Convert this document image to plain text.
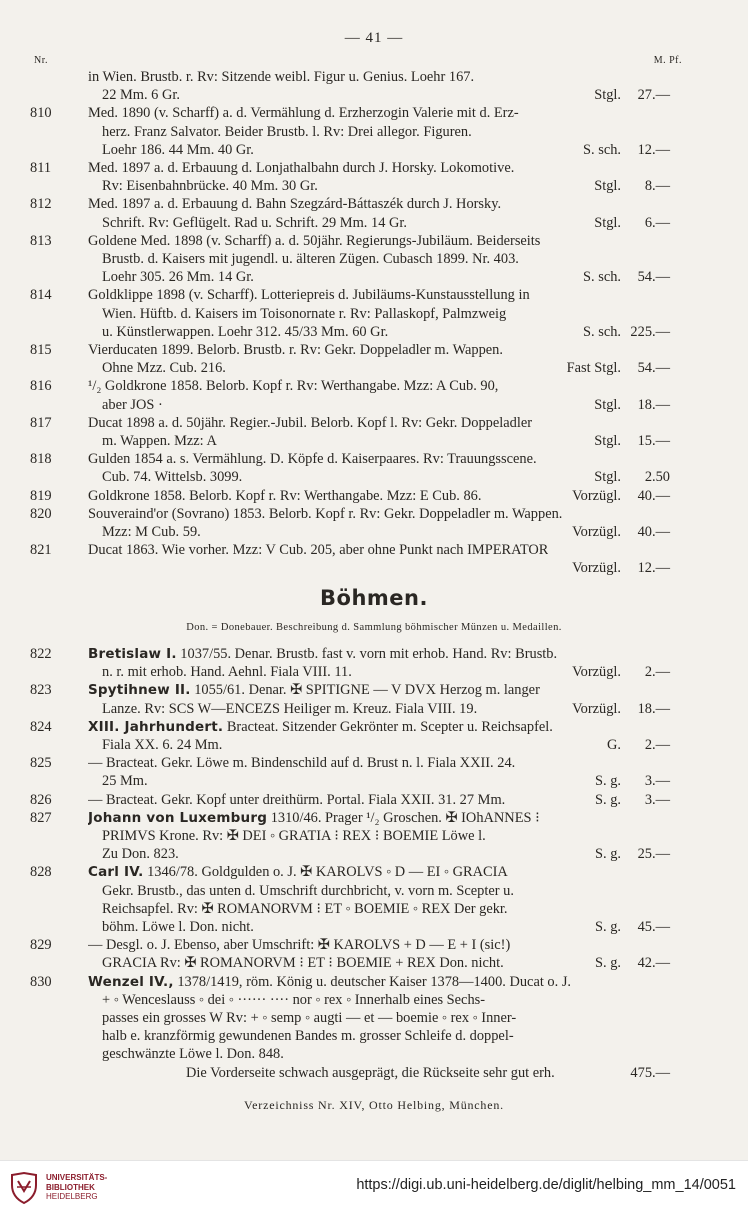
— 41 —
Nr.	M. Pf.
in Wien. Brustb. r. Rv: Sitzende weibl. Figur u. Genius. Loehr 167.
22 Mm. 6 Gr.	Stgl. 27.—
810	Med. 1890 (v. Scharff) a. d. Vermählung d. Erzherzogin Valerie mit d. Erz-
herz. Franz Salvator. Beider Brustb. l. Rv: Drei allegor. Figuren.
Loehr 186. 44 Mm. 40 Gr.	S. sch. 12.—
811	Med. 1897 a. d. Erbauung d. Lonjathalbahn durch J. Horsky. Lokomotive.
Rv: Eisenbahnbrücke. 40 Mm. 30 Gr.	Stgl. 8.—
812	Med. 1897 a. d. Erbauung d. Bahn Szegzárd-Báttaszék durch J. Horsky.
Schrift. Rv: Geflügelt. Rad u. Schrift. 29 Mm. 14 Gr.	Stgl. 6.—
813	Goldene Med. 1898 (v. Scharff) a. d. 50jähr. Regierungs-Jubiläum. Beiderseits
Brustb. d. Kaisers mit jugendl. u. älteren Zügen. Cubasch 1899. Nr. 403.
Loehr 305. 26 Mm. 14 Gr.	S. sch. 54.—
814	Goldklippe 1898 (v. Scharff). Lotteriepreis d. Jubiläums-Kunstausstellung in
Wien. Hüftb. d. Kaisers im Toisonornate r. Rv: Pallaskopf, Palmzweig
u. Künstlerwappen. Loehr 312. 45/33 Mm. 60 Gr.	S. sch. 225.—
815	Vierducaten 1899. Belorb. Brustb. r. Rv: Gekr. Doppeladler m. Wappen.
Ohne Mzz. Cub. 216.	Fast Stgl. 54.—
816	¹/₂ Goldkrone 1858. Belorb. Kopf r. Rv: Werthangabe. Mzz: A Cub. 90,
aber JOS ·	Stgl. 18.—
817	Ducat 1898 a. d. 50jähr. Regier.-Jubil. Belorb. Kopf l. Rv: Gekr. Doppeladler
m. Wappen. Mzz: A	Stgl. 15.—
818	Gulden 1854 a. s. Vermählung. D. Köpfe d. Kaiserpaares. Rv: Trauungsscene.
Cub. 74. Wittelsb. 3099.	Stgl. 2.50
819	Goldkrone 1858. Belorb. Kopf r. Rv: Werthangabe. Mzz: E Cub. 86.	Vorzügl. 40.—
820	Souveraind'or (Sovrano) 1853. Belorb. Kopf r. Rv: Gekr. Doppeladler m. Wappen.
Mzz: M Cub. 59.	Vorzügl. 40.—
821	Ducat 1863. Wie vorher. Mzz: V Cub. 205, aber ohne Punkt nach IMPERATOR
Vorzügl. 12.—
Böhmen.
Don. = Donebauer. Beschreibung d. Sammlung böhmischer Münzen u. Medaillen.
822	Bretislaw I. 1037/55. Denar. Brustb. fast v. vorn mit erhob. Hand. Rv: Brustb.
n. r. mit erhob. Hand. Aehnl. Fiala VIII. 11.	Vorzügl. 2.—
823	Spytihnew II. 1055/61. Denar. ✠ SPITIGNE — V DVX Herzog m. langer
Lanze. Rv: SCS W—ENCEZS Heiliger m. Kreuz. Fiala VIII. 19.	Vorzügl. 18.—
824	XIII. Jahrhundert. Bracteat. Sitzender Gekrönter m. Scepter u. Reichsapfel.
Fiala XX. 6. 24 Mm.	G. 2.—
825	— Bracteat. Gekr. Löwe m. Bindenschild auf d. Brust n. l. Fiala XXII. 24.
25 Mm.	S. g. 3.—
826	— Bracteat. Gekr. Kopf unter dreithürm. Portal. Fiala XXII. 31. 27 Mm.	S. g. 3.—
827	Johann von Luxemburg 1310/46. Prager ¹/₂ Groschen. ✠ IOhANNES ⁝
PRIMVS Krone. Rv: ✠ DEI ◦ GRATIA ⁝ REX ⁝ BOEMIE Löwe l.
Zu Don. 823.	S. g. 25.—
828	Carl IV. 1346/78. Goldgulden o. J. ✠ KAROLVS ◦ D — EI ◦ GRACIA
Gekr. Brustb., das unten d. Umschrift durchbricht, v. vorn m. Scepter u.
Reichsapfel. Rv: ✠ ROMANORVM ⁝ ET ◦ BOEMIE ◦ REX Der gekr.
böhm. Löwe l. Don. nicht.	S. g. 45.—
829	— Desgl. o. J. Ebenso, aber Umschrift: ✠ KAROLVS + D — E + I (sic!)
GRACIA Rv: ✠ ROMANORVM ⁝ ET ⁝ BOEMIE + REX Don. nicht.	S. g. 42.—
830	Wenzel IV., 1378/1419, röm. König u. deutscher Kaiser 1378—1400. Ducat o. J.
+ ◦ Wenceslauss ◦ dei ◦ ······ ···· nor ◦ rex ◦ Innerhalb eines Sechs-
passes ein grosses W Rv: + ◦ semp ◦ augti — et — boemie ◦ rex ◦ Inner-
halb e. kranzförmig gewundenen Bandes m. grosser Schleife d. doppel-
geschwänzte Löwe l. Don. 848.
Die Vorderseite schwach ausgeprägt, die Rückseite sehr gut erh.	475.—
Verzeichniss Nr. XIV, Otto Helbing, München.
UNIVERSITÄTS-
BIBLIOTHEK
HEIDELBERG
https://digi.ub.uni-heidelberg.de/diglit/helbing_mm_14/0051
